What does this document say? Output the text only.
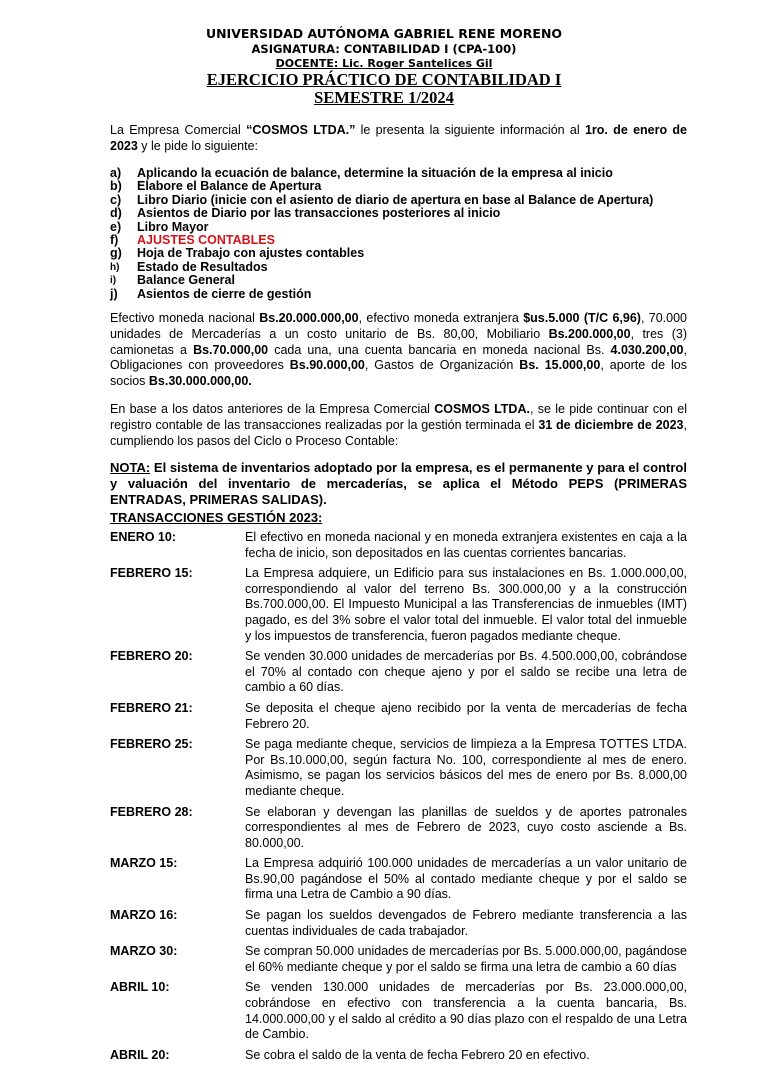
UNIVERSIDAD AUTÓNOMA GABRIEL RENE MORENO
ASIGNATURA: CONTABILIDAD I (CPA-100)
DOCENTE: Lic. Roger Santelices Gil
EJERCICIO PRÁCTICO DE CONTABILIDAD I
SEMESTRE 1/2024
La Empresa Comercial “COSMOS LTDA.” le presenta la siguiente información al 1ro. de enero de 2023 y le pide lo siguiente:
a)	Aplicando la ecuación de balance, determine la situación de la empresa al inicio
b)	Elabore el Balance de Apertura
c)	Libro Diario (inicie con el asiento de diario de apertura en base al Balance de Apertura)
d)	Asientos de Diario por las transacciones posteriores al inicio
e)	Libro Mayor
f)	AJUSTES CONTABLES
g)	Hoja de Trabajo con ajustes contables
h)	Estado de Resultados
i)	Balance General
j)	Asientos de cierre de gestión
Efectivo moneda nacional Bs.20.000.000,00, efectivo moneda extranjera $us.5.000 (T/C 6,96), 70.000 unidades de Mercaderías a un costo unitario de Bs. 80,00, Mobiliario Bs.200.000,00, tres (3) camionetas a Bs.70.000,00 cada una, una cuenta bancaria en moneda nacional Bs. 4.030.200,00, Obligaciones con proveedores Bs.90.000,00, Gastos de Organización Bs. 15.000,00, aporte de los socios Bs.30.000.000,00.
En base a los datos anteriores de la Empresa Comercial COSMOS LTDA., se le pide continuar con el registro contable de las transacciones realizadas por la gestión terminada el 31 de diciembre de 2023, cumpliendo los pasos del Ciclo o Proceso Contable:
NOTA: El sistema de inventarios adoptado por la empresa, es el permanente y para el control y valuación del inventario de mercaderías, se aplica el Método PEPS (PRIMERAS ENTRADAS, PRIMERAS SALIDAS).
TRANSACCIONES GESTIÓN 2023:
ENERO 10:	El efectivo en moneda nacional y en moneda extranjera existentes en caja a la fecha de inicio, son depositados en las cuentas corrientes bancarias.
FEBRERO 15:	La Empresa adquiere, un Edificio para sus instalaciones en Bs. 1.000.000,00, correspondiendo al valor del terreno Bs. 300.000,00 y a la construcción Bs.700.000,00. El Impuesto Municipal a las Transferencias de inmuebles (IMT) pagado, es del 3% sobre el valor total del inmueble. El valor total del inmueble y los impuestos de transferencia, fueron pagados mediante cheque.
FEBRERO 20:	Se venden 30.000 unidades de mercaderías por Bs. 4.500.000,00, cobrándose el 70% al contado con cheque ajeno y por el saldo se recibe una letra de cambio a 60 días.
FEBRERO 21:	Se deposita el cheque ajeno recibido por la venta de mercaderías de fecha Febrero 20.
FEBRERO 25:	Se paga mediante cheque, servicios de limpieza a la Empresa TOTTES LTDA. Por Bs.10.000,00, según factura No. 100, correspondiente al mes de enero. Asimismo, se pagan los servicios básicos del mes de enero por Bs. 8.000,00 mediante cheque.
FEBRERO 28:	Se elaboran y devengan las planillas de sueldos y de aportes patronales correspondientes al mes de Febrero de 2023, cuyo costo asciende a Bs. 80.000,00.
MARZO 15:	La Empresa adquirió 100.000 unidades de mercaderías a un valor unitario de Bs.90,00 pagándose el 50% al contado mediante cheque y por el saldo se firma una Letra de Cambio a 90 días.
MARZO 16:	Se pagan los sueldos devengados de Febrero mediante transferencia a las cuentas individuales de cada trabajador.
MARZO 30:	Se compran 50.000 unidades de mercaderías por Bs. 5.000.000,00, pagándose el 60% mediante cheque y por el saldo se firma una letra de cambio a 60 días
ABRIL 10:	Se venden 130.000 unidades de mercaderías por Bs. 23.000.000,00, cobrándose en efectivo con transferencia a la cuenta bancaria, Bs. 14.000.000,00 y el saldo al crédito a 90 días plazo con el respaldo de una Letra de Cambio.
ABRIL 20:	Se cobra el saldo de la venta de fecha Febrero 20 en efectivo.
